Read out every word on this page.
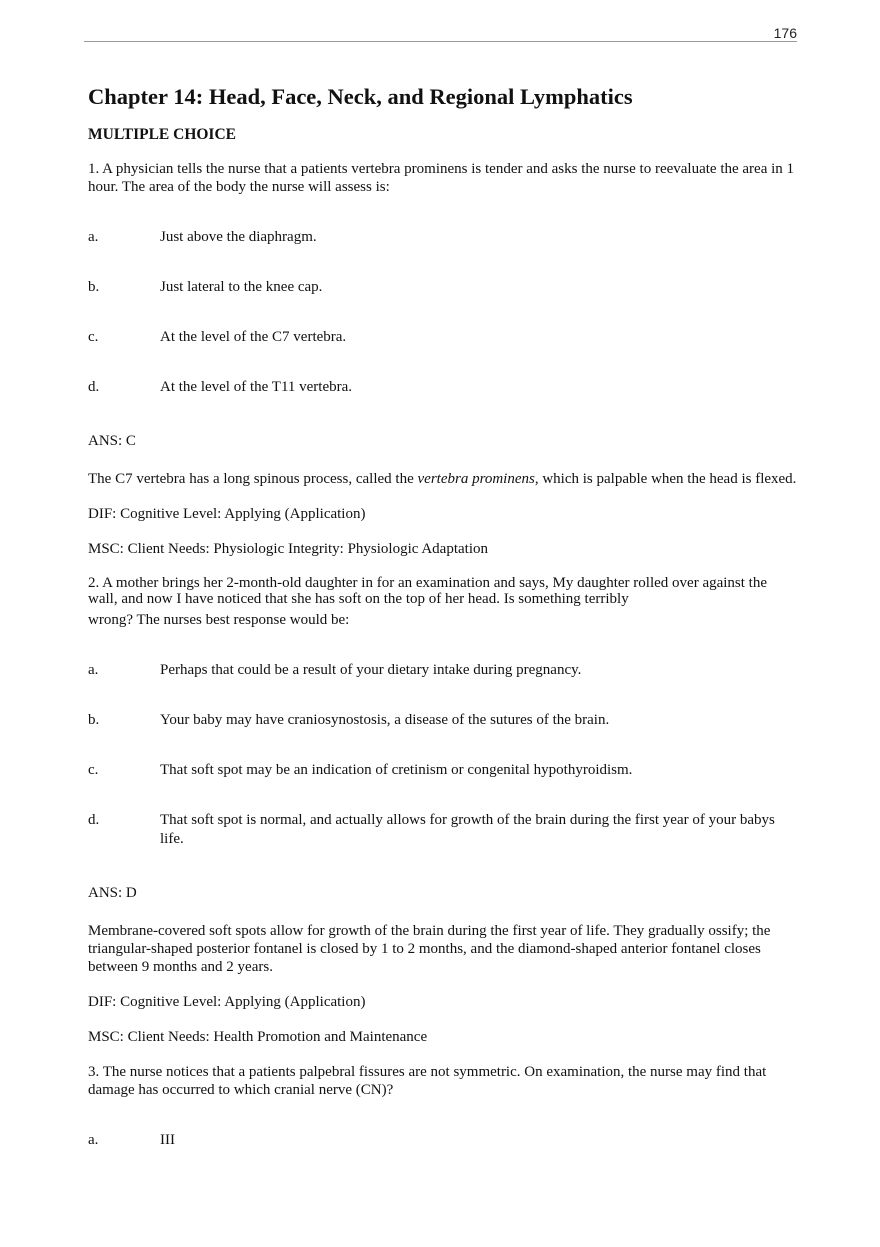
176
Chapter 14: Head, Face, Neck, and Regional Lymphatics
MULTIPLE CHOICE

1. A physician tells the nurse that a patients vertebra prominens is tender and asks the nurse to reevaluate the area in 1 hour. The area of the body the nurse will assess is:

a.	Just above the diaphragm.
b.	Just lateral to the knee cap.
c.	At the level of the C7 vertebra.
d.	At the level of the T11 vertebra.

ANS: C

The C7 vertebra has a long spinous process, called the vertebra prominens, which is palpable when the head is flexed.

DIF: Cognitive Level: Applying (Application)

MSC: Client Needs: Physiologic Integrity: Physiologic Adaptation

2. A mother brings her 2-month-old daughter in for an examination and says, My daughter rolled over against the wall, and now I have noticed that she has soft on the top of her head. Is something terribly

wrong? The nurses best response would be:

a.	Perhaps that could be a result of your dietary intake during pregnancy.
b.	Your baby may have craniosynostosis, a disease of the sutures of the brain.
c.	That soft spot may be an indication of cretinism or congenital hypothyroidism.
d.	That soft spot is normal, and actually allows for growth of the brain during the first year of your babys life.

ANS: D

Membrane-covered soft spots allow for growth of the brain during the first year of life. They gradually ossify; the triangular-shaped posterior fontanel is closed by 1 to 2 months, and the diamond-shaped anterior fontanel closes between 9 months and 2 years.

DIF: Cognitive Level: Applying (Application)

MSC: Client Needs: Health Promotion and Maintenance

3. The nurse notices that a patients palpebral fissures are not symmetric. On examination, the nurse may find that damage has occurred to which cranial nerve (CN)?

a.	III
